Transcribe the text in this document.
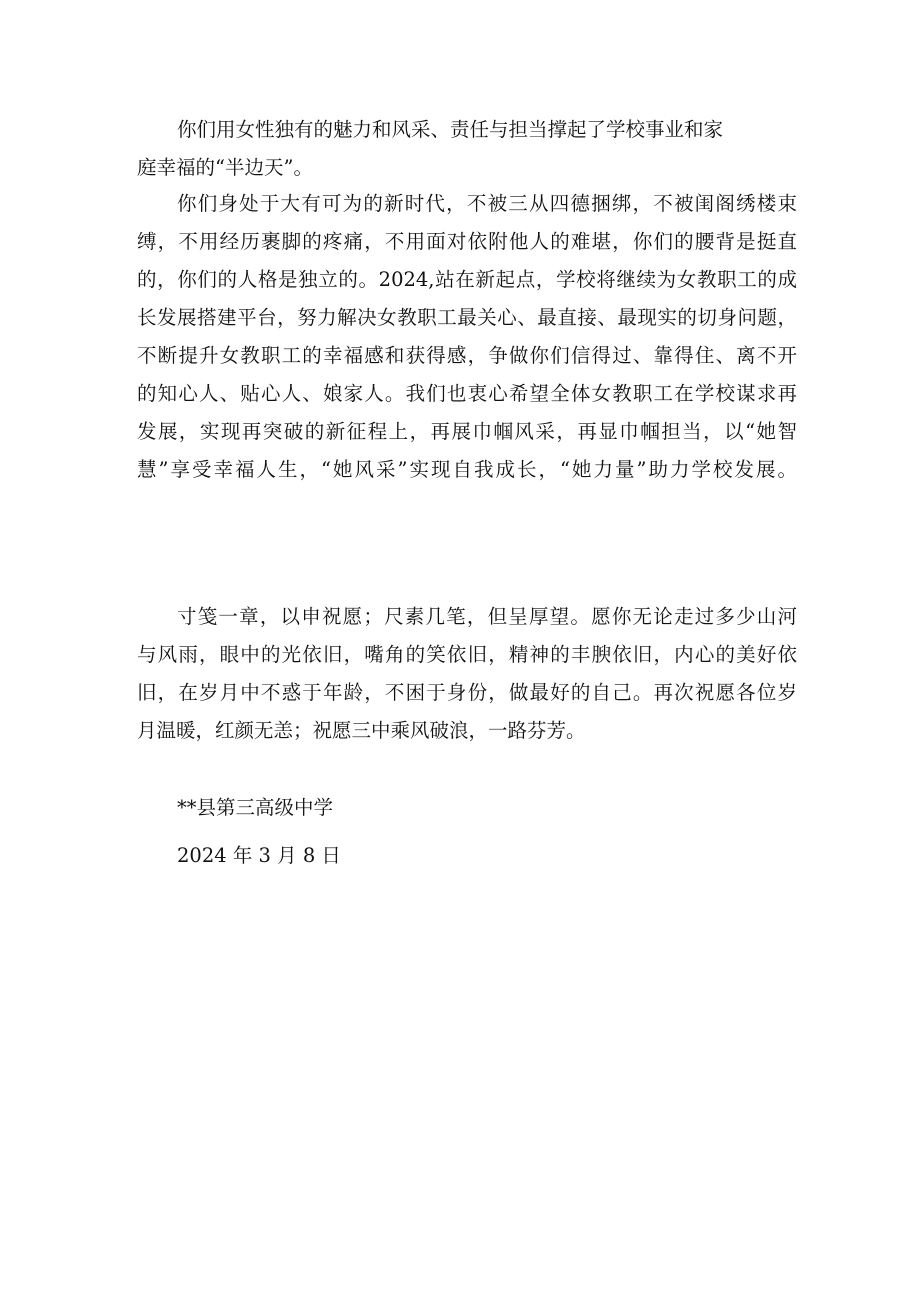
你们用女性独有的魅力和风采、责任与担当撑起了学校事业和家
庭幸福的“半边天”。
你们身处于大有可为的新时代，不被三从四德捆绑，不被闺阁绣楼束
缚，不用经历裹脚的疼痛，不用面对依附他人的难堪，你们的腰背是挺直
的，你们的人格是独立的。2024,站在新起点，学校将继续为女教职工的成
长发展搭建平台，努力解决女教职工最关心、最直接、最现实的切身问题，
不断提升女教职工的幸福感和获得感，争做你们信得过、靠得住、离不开
的知心人、贴心人、娘家人。我们也衷心希望全体女教职工在学校谋求再
发展，实现再突破的新征程上，再展巾帼风采，再显巾帼担当，以“她智
慧”享受幸福人生，“她风采”实现自我成长，“她力量”助力学校发展。
寸笺一章，以申祝愿；尺素几笔，但呈厚望。愿你无论走过多少山河
与风雨，眼中的光依旧，嘴角的笑依旧，精神的丰腴依旧，内心的美好依
旧，在岁月中不惑于年龄，不困于身份，做最好的自己。再次祝愿各位岁
月温暖，红颜无恙；祝愿三中乘风破浪，一路芬芳。
**县第三高级中学
2024 年 3 月 8 日
